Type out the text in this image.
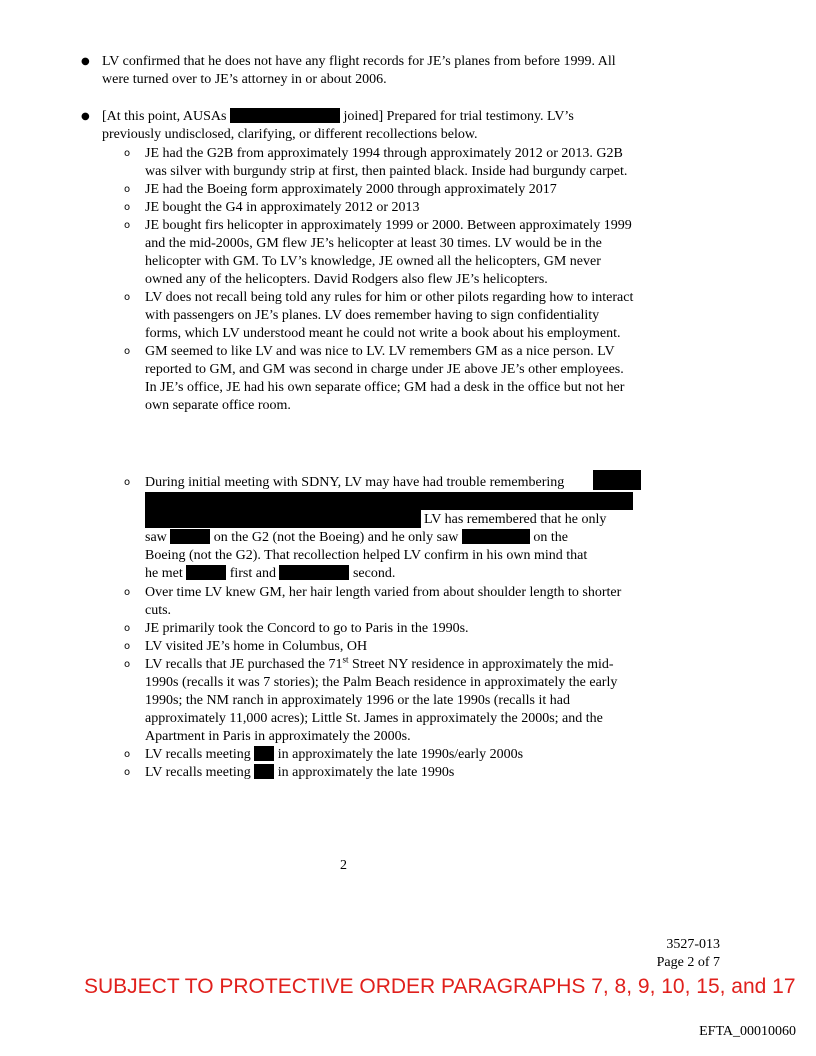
● LV confirmed that he does not have any flight records for JE’s planes from before 1999. All were turned over to JE’s attorney in or about 2006.
● [At this point, AUSAs	joined] Prepared for trial testimony. LV’s previously undisclosed, clarifying, or different recollections below.
o JE had the G2B from approximately 1994 through approximately 2012 or 2013. G2B was silver with burgundy strip at first, then painted black. Inside had burgundy carpet.
o JE had the Boeing form approximately 2000 through approximately 2017
o JE bought the G4 in approximately 2012 or 2013
o JE bought firs helicopter in approximately 1999 or 2000. Between approximately 1999 and the mid-2000s, GM flew JE’s helicopter at least 30 times. LV would be in the helicopter with GM. To LV’s knowledge, JE owned all the helicopters, GM never owned any of the helicopters. David Rodgers also flew JE’s helicopters.
o LV does not recall being told any rules for him or other pilots regarding how to interact with passengers on JE’s planes. LV does remember having to sign confidentiality forms, which LV understood meant he could not write a book about his employment.
o GM seemed to like LV and was nice to LV. LV remembers GM as a nice person. LV reported to GM, and GM was second in charge under JE above JE’s other employees. In JE’s office, JE had his own separate office; GM had a desk in the office but not her own separate office room.
o During initial meeting with SDNY, LV may have had trouble remembering
LV has remembered that he only
saw	on the G2 (not the Boeing) and he only saw	on the
Boeing (not the G2). That recollection helped LV confirm in his own mind that
he met	first and	second.
o Over time LV knew GM, her hair length varied from about shoulder length to shorter cuts.
o JE primarily took the Concord to go to Paris in the 1990s.
o LV visited JE’s home in Columbus, OH
o LV recalls that JE purchased the 71st Street NY residence in approximately the mid-1990s (recalls it was 7 stories); the Palm Beach residence in approximately the early 1990s; the NM ranch in approximately 1996 or the late 1990s (recalls it had approximately 11,000 acres); Little St. James in approximately the 2000s; and the Apartment in Paris in approximately the 2000s.
o LV recalls meeting in approximately the late 1990s/early 2000s
o LV recalls meeting in approximately the late 1990s
2
3527-013
Page 2 of 7
SUBJECT TO PROTECTIVE ORDER PARAGRAPHS 7, 8, 9, 10, 15, and 17
EFTA_00010060
